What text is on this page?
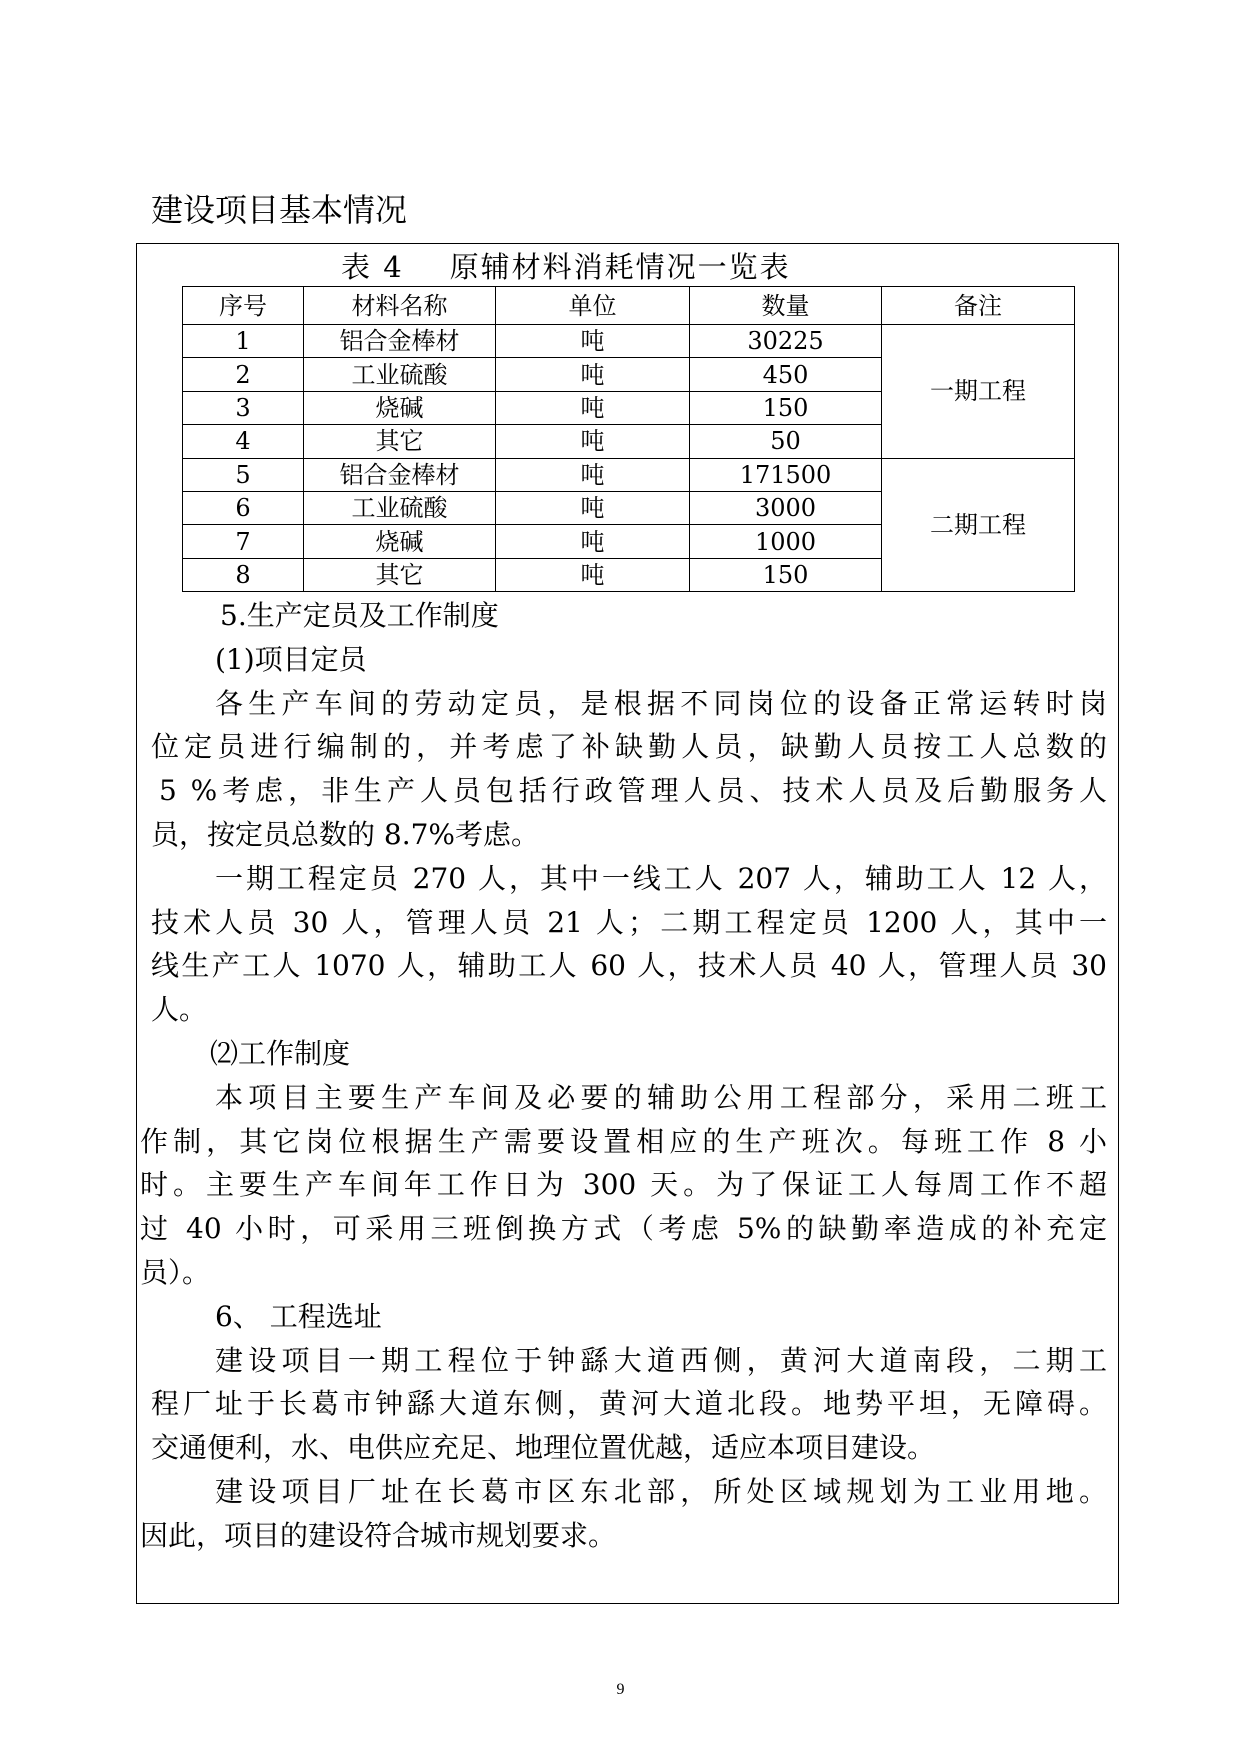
建设项目基本情况
表 4 原辅材料消耗情况一览表
序号	材料名称	单位	数量	备注
1	铝合金棒材	吨	30225	一期工程
2	工业硫酸	吨	450	
3	烧碱	吨	150	
4	其它	吨	50	
5	铝合金棒材	吨	171500	二期工程
6	工业硫酸	吨	3000	
7	烧碱	吨	1000	
8	其它	吨	150	
5.生产定员及工作制度
(1)项目定员
各生产车间的劳动定员，是根据不同岗位的设备正常运转时岗
位定员进行编制的，并考虑了补缺勤人员，缺勤人员按工人总数的
5 %考虑，非生产人员包括行政管理人员、技术人员及后勤服务人
员，按定员总数的 8.7%考虑。
一期工程定员 270 人，其中一线工人 207 人，辅助工人 12 人，
技术人员 30 人，管理人员 21 人；二期工程定员 1200 人，其中一
线生产工人 1070 人，辅助工人 60 人，技术人员 40 人，管理人员 30
人。
⑵工作制度
本项目主要生产车间及必要的辅助公用工程部分，采用二班工
作制，其它岗位根据生产需要设置相应的生产班次。每班工作 8 小
时。主要生产车间年工作日为 300 天。为了保证工人每周工作不超
过 40 小时，可采用三班倒换方式（考虑 5%的缺勤率造成的补充定
员）。
6、 工程选址
建设项目一期工程位于钟繇大道西侧，黄河大道南段，二期工
程厂址于长葛市钟繇大道东侧，黄河大道北段。地势平坦，无障碍。
交通便利，水、电供应充足、地理位置优越，适应本项目建设。
建设项目厂址在长葛市区东北部，所处区域规划为工业用地。
因此，项目的建设符合城市规划要求。
9
